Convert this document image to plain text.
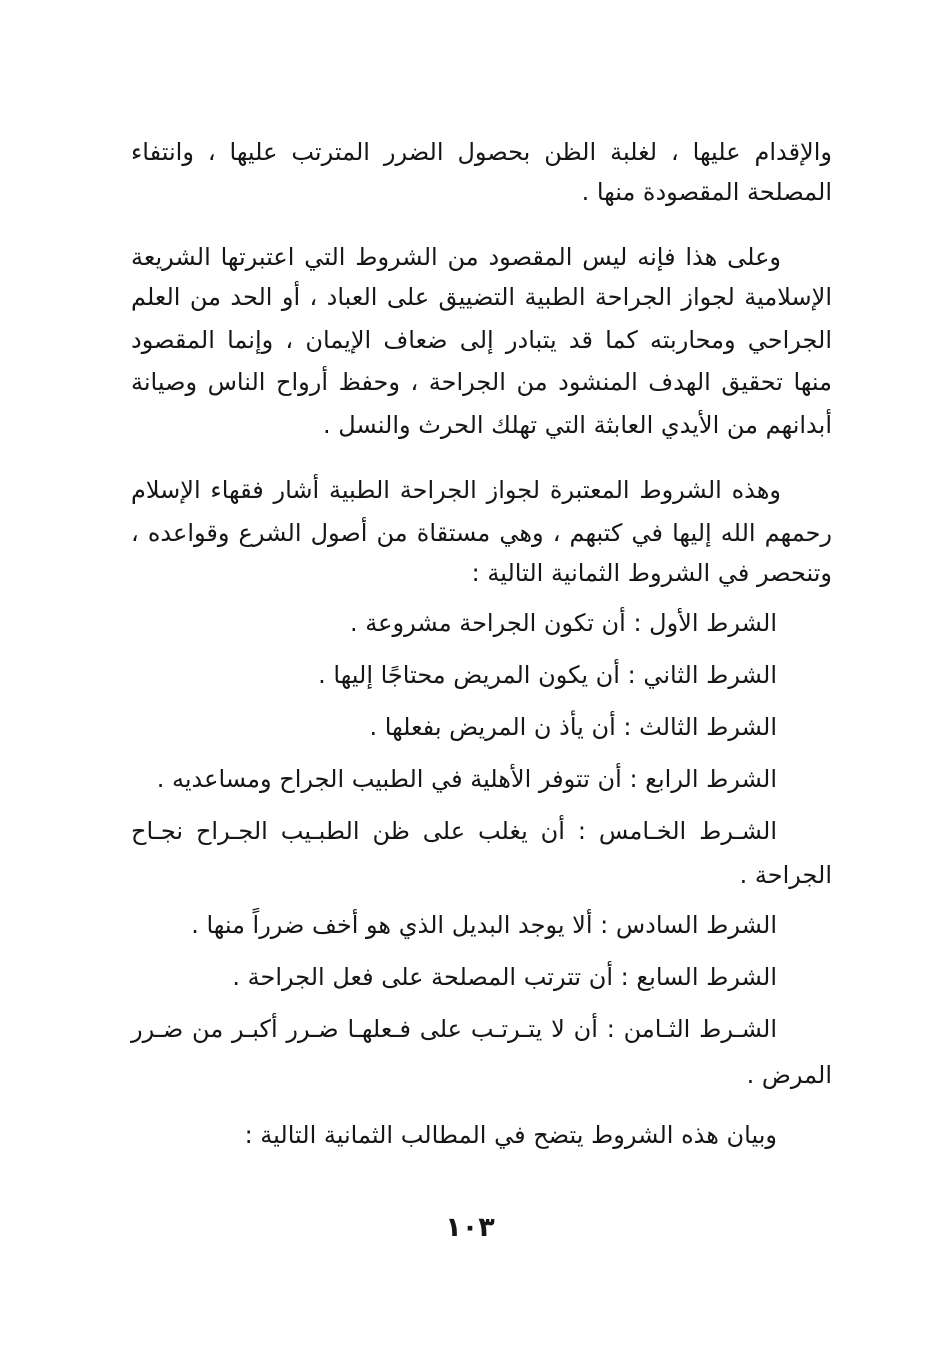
والإقدام عليها ، لغلبة الظن بحصول الضرر المترتب عليها ، وانتفاء
المصلحة المقصودة منها .
وعلى هذا فإنه ليس المقصود من الشروط التي اعتبرتها الشريعة
الإسلامية لجواز الجراحة الطبية التضييق على العباد ، أو الحد من العلم
الجراحي ومحاربته كما قد يتبادر إلى ضعاف الإيمان ، وإنما المقصود
منها تحقيق الهدف المنشود من الجراحة ، وحفظ أرواح الناس وصيانة
أبدانهم من الأيدي العابثة التي تهلك الحرث والنسل .
وهذه الشروط المعتبرة لجواز الجراحة الطبية أشار فقهاء الإسلام
رحمهم الله إليها في كتبهم ، وهي مستقاة من أصول الشرع وقواعده ،
وتنحصر في الشروط الثمانية التالية :
الشرط الأول : أن تكون الجراحة مشروعة .
الشرط الثاني : أن يكون المريض محتاجًا إليها .
الشرط الثالث : أن يأذ ن المريض بفعلها .
الشرط الرابع : أن تتوفر الأهلية في الطبيب الجراح ومساعديه .
الشـرط الخـامس : أن يغلب على ظن الطبـيب الجـراح نجـاح
الجراحة .
الشرط السادس : ألا يوجد البديل الذي هو أخف ضرراً منها .
الشرط السابع : أن تترتب المصلحة على فعل الجراحة .
الشـرط الثـامن : أن لا يتـرتـب على فـعلهـا ضـرر أكبـر من ضـرر
المرض .
وبيان هذه الشروط يتضح في المطالب الثمانية التالية :
١٠٣
